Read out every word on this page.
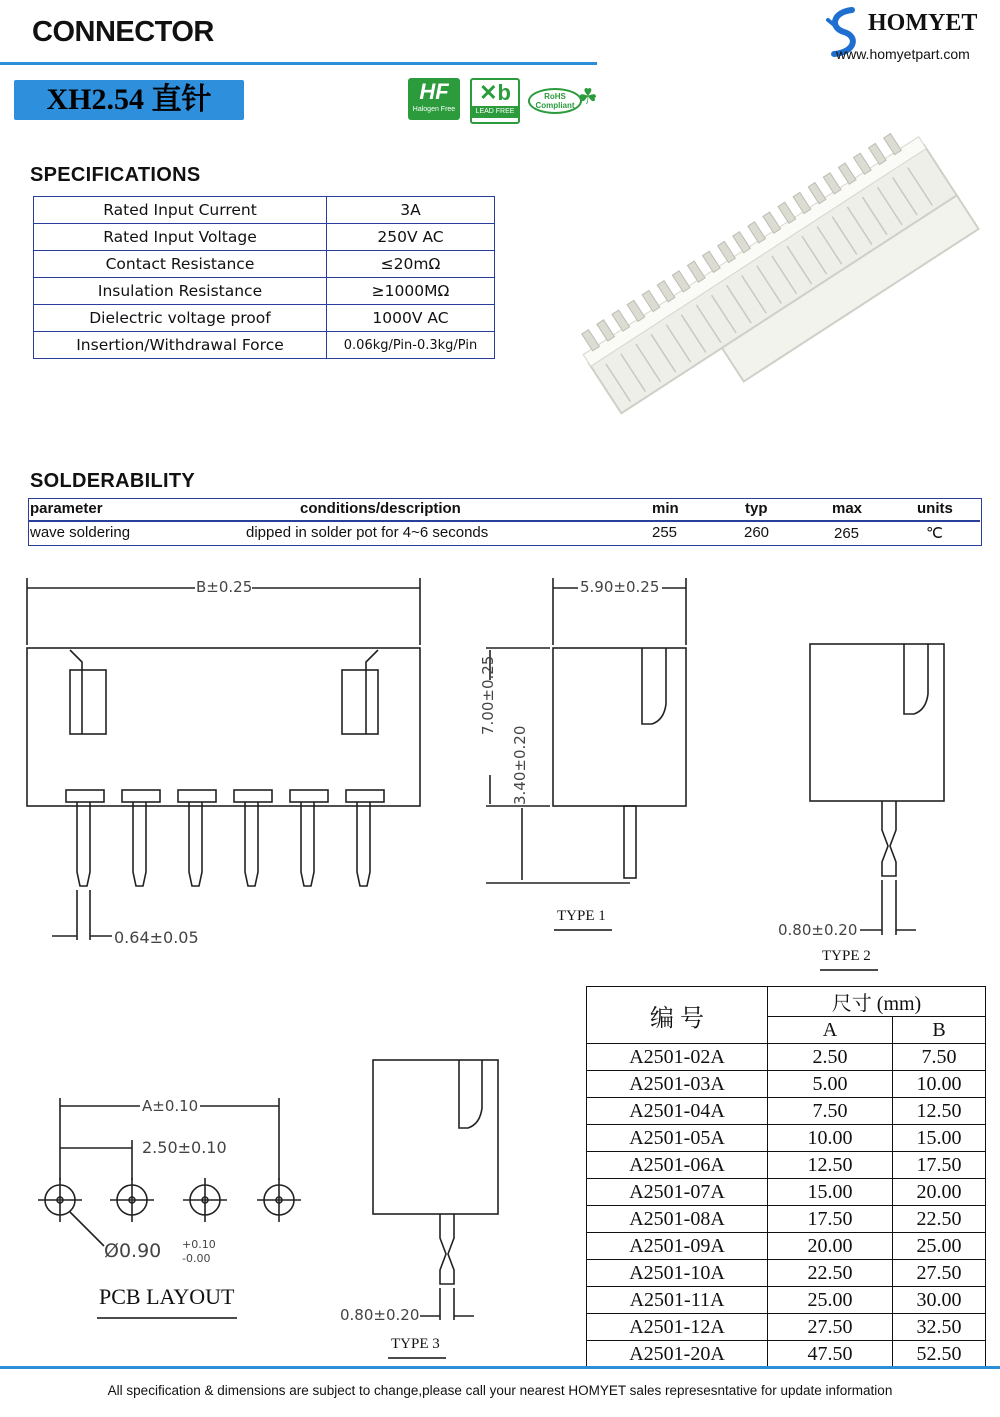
CONNECTOR
XH2.54 直针
HOMYET
www.homyetpart.com
HF
Halogen Free
✕b
LEAD FREE
RoHS Compliant ☘
SPECIFICATIONS
Rated Input Current	3A
Rated Input Voltage	250V AC
Contact Resistance	≤20mΩ
Insulation Resistance	≥1000MΩ
Dielectric voltage proof	1000V AC
Insertion/Withdrawal Force	0.06kg/Pin-0.3kg/Pin
SOLDERABILITY
parameter	conditions/description	min	typ	max	units
wave soldering	dipped in solder pot for 4~6 seconds	255	260	265	℃
B±0.25
0.64±0.05
5.90±0.25
7.00±0.25
3.40±0.20
TYPE 1
0.80±0.20
TYPE 2
0.80±0.20
TYPE 3
A±0.10
2.50±0.10
Ø0.90 +0.10
-0.00
PCB LAYOUT
编 号	尺寸 (mm)	
	A	B
A2501-02A	2.50	7.50
A2501-03A	5.00	10.00
A2501-04A	7.50	12.50
A2501-05A	10.00	15.00
A2501-06A	12.50	17.50
A2501-07A	15.00	20.00
A2501-08A	17.50	22.50
A2501-09A	20.00	25.00
A2501-10A	22.50	27.50
A2501-11A	25.00	30.00
A2501-12A	27.50	32.50
A2501-20A	47.50	52.50
All specification & dimensions are subject to change,please call your nearest HOMYET sales represesntative for update information
